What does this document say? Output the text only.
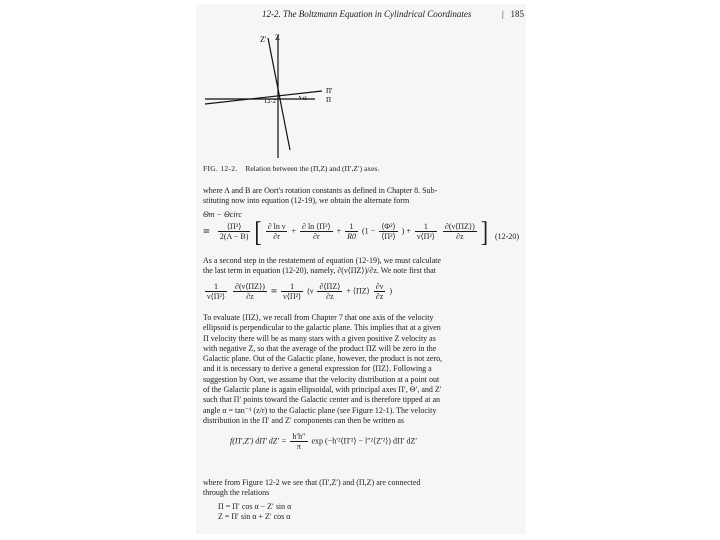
12-2. The Boltzmann Equation in Cylindrical Coordinates	| 185
Z' Z
12-2	α
Π'
Π
FIG. 12-2. Relation between the (Π,Z) and (Π′,Z′) axes.

where A and B are Oort's rotation constants as defined in Chapter 8. Sub-

stituting now into equation (12-19), we obtain the alternate form

Θm − Θcirc
= $\frac{\text{⟨Π²⟩}}{2(A - B)}$ [ $\frac{\text{∂ ln ν}}{\partial r} + \frac{\text{∂ ln ⟨Π²⟩}}{\partial r} + \frac{1}{R0} (1 - \frac{\text{⟨Φ²⟩}}{\text{⟨Π²⟩}}$ ) + $\frac{1}{\text{ν⟨Π²⟩}}$
$\frac{\partial(\nu⟨\Pi Z⟩)}{\partial z}$ ] (12-20)

As a second step in the restatement of equation (12-19), we must calculate

the last term in equation (12-20), namely, ∂(ν⟨ΠZ⟩)/∂z. We note first that

$\frac{1}{\text{ν⟨Π²⟩}}$
$\frac{\partial(\nu⟨\Pi Z⟩)}{\partial z} = \frac{1}{\text{ν⟨Π²⟩}} (\nu \frac{\partial⟨\Pi Z⟩}{\partial z}$ + ⟨ΠZ⟩ $\frac{\partial\nu}{\partial z}$ )

To evaluate ⟨ΠZ⟩, we recall from Chapter 7 that one axis of the velocity

ellipsoid is perpendicular to the galactic plane. This implies that at a given

Π velocity there will be as many stars with a given positive Z velocity as

with negative Z, so that the average of the product ΠZ will be zero in the

Galactic plane. Out of the Galactic plane, however, the product is not zero,

and it is necessary to derive a general expression for ⟨ΠZ⟩. Following a

suggestion by Oort, we assume that the velocity distribution at a point out

of the Galactic plane is again ellipsoidal, with principal axes Π′, Θ′, and Z′

such that Π′ points toward the Galactic center and is therefore tipped at an

angle α = tan⁻¹ (z/r) to the Galactic plane (see Figure 12-1). The velocity

distribution in the Π′ and Z′ components can then be written as

f(Π′,Z′) dΠ′ $dZ' = \frac{h'h''}{\pi}$ exp (−h′²⟨Π′²⟩ − l″²⟨Z′²⟩) dΠ′ dZ′

where from Figure 12-2 we see that (Π′,Z′) and (Π,Z) are connected

through the relations

Π = Π′ cos α − Z′ sin α

Z = Π′ sin α + Z′ cos α
